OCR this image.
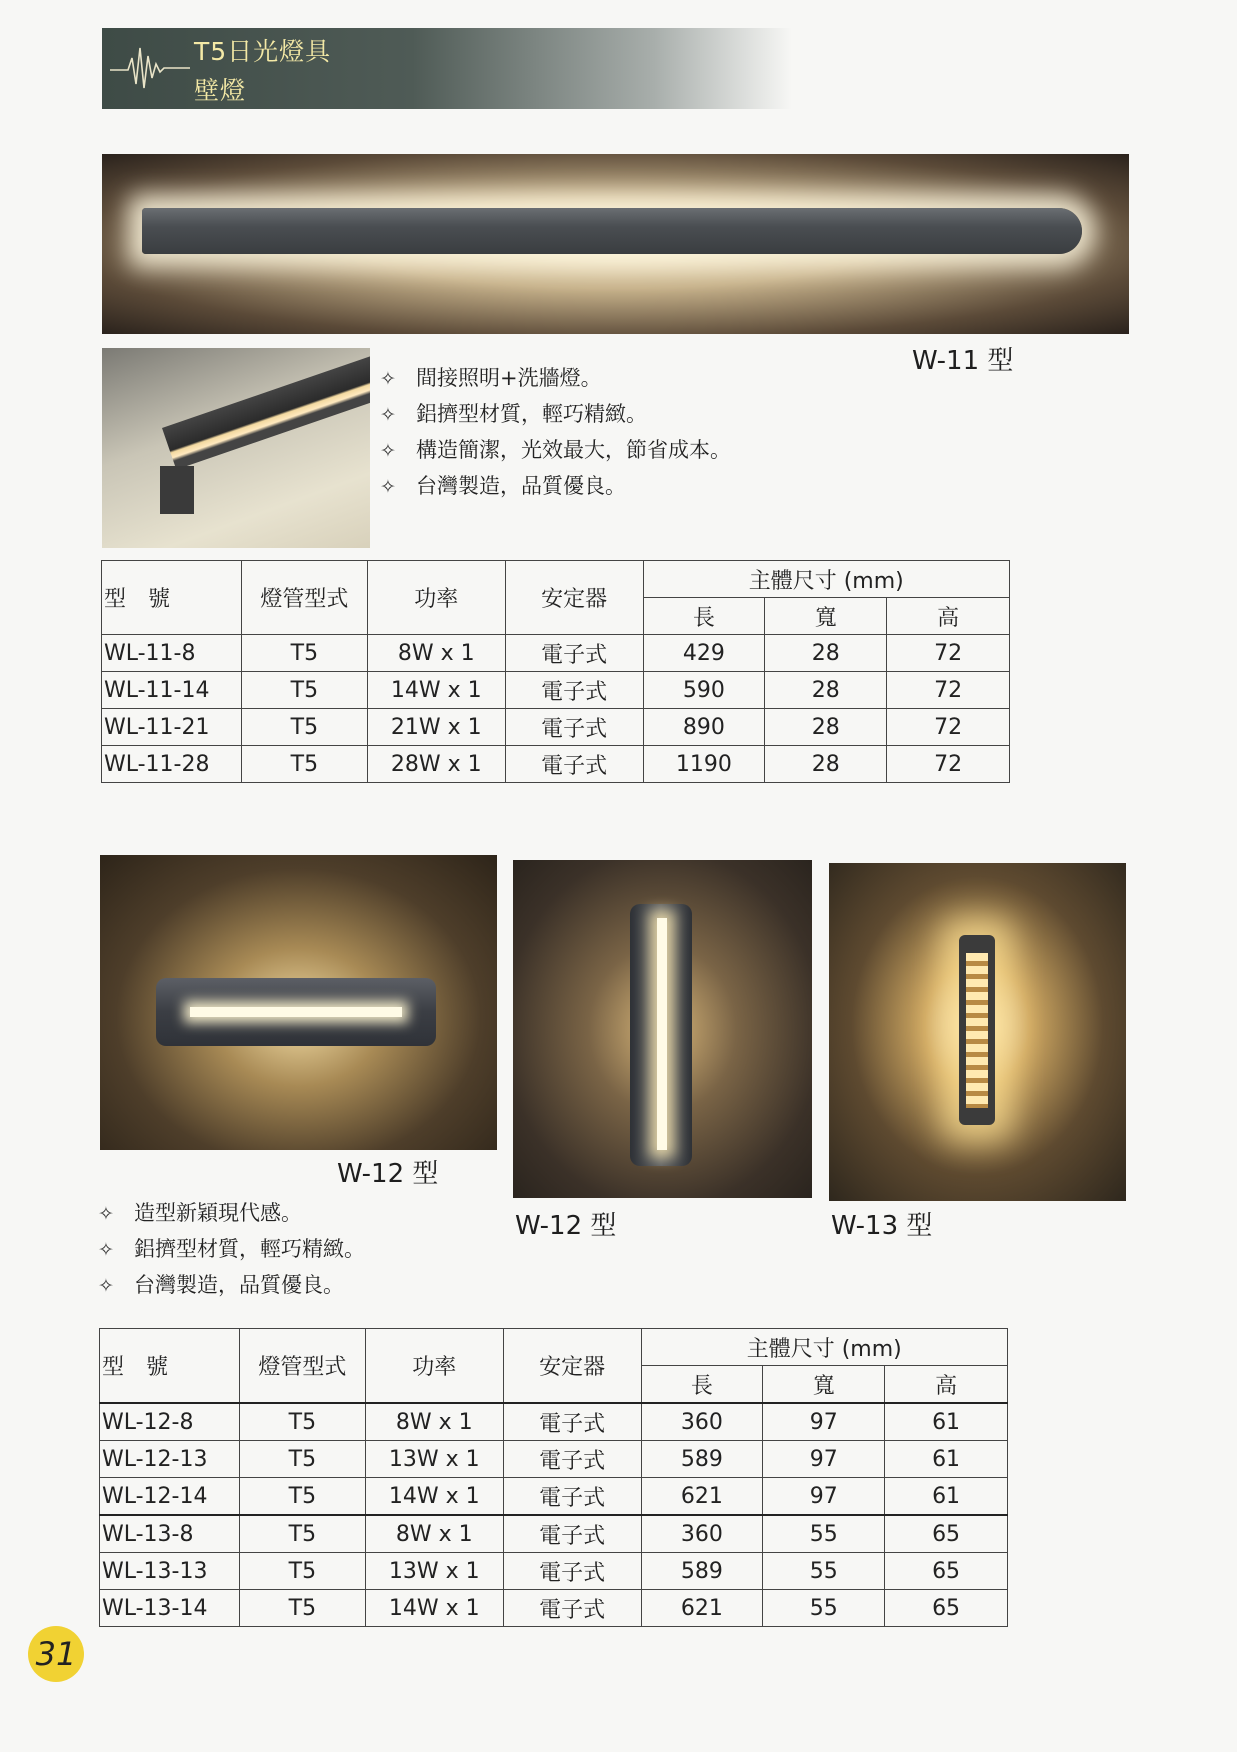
T5日光燈具
壁燈
W-11 型
✧ 間接照明+洗牆燈。
✧ 鋁擠型材質，輕巧精緻。
✧ 構造簡潔，光效最大，節省成本。
✧ 台灣製造，品質優良。
型　號	燈管型式	功率	安定器	主體尺寸 (mm)		
				長	寬	高
WL-11-8	T5	8W x 1	電子式	429	28	72
WL-11-14	T5	14W x 1	電子式	590	28	72
WL-11-21	T5	21W x 1	電子式	890	28	72
WL-11-28	T5	28W x 1	電子式	1190	28	72
W-12 型
W-12 型	W-13 型
✧ 造型新穎現代感。
✧ 鋁擠型材質，輕巧精緻。
✧ 台灣製造，品質優良。
型　號	燈管型式	功率	安定器	主體尺寸 (mm)		
				長	寬	高
WL-12-8	T5	8W x 1	電子式	360	97	61
WL-12-13	T5	13W x 1	電子式	589	97	61
WL-12-14	T5	14W x 1	電子式	621	97	61
WL-13-8	T5	8W x 1	電子式	360	55	65
WL-13-13	T5	13W x 1	電子式	589	55	65
WL-13-14	T5	14W x 1	電子式	621	55	65
31
